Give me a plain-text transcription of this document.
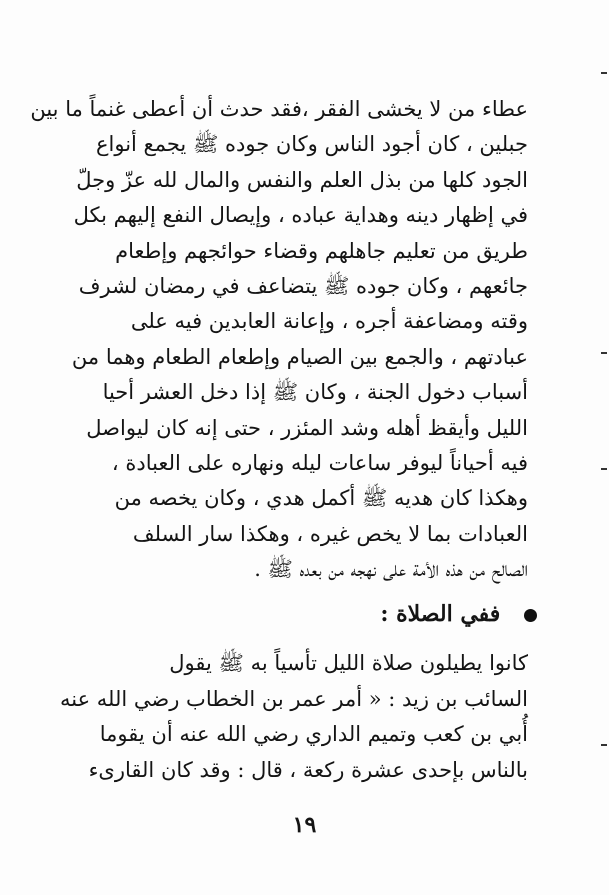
عطاء من لا يخشى الفقر ،فقد حدث أن أعطى غنماً ما بين
جبلين ، كان أجود الناس وكان جوده ﷺ يجمع أنواع
الجود كلها من بذل العلم والنفس والمال لله عزّ وجلّ
في إظهار دينه وهداية عباده ، وإيصال النفع إليهم بكل
طريق من تعليم جاهلهم وقضاء حوائجهم وإطعام
جائعهم ، وكان جوده ﷺ يتضاعف في رمضان لشرف
وقته ومضاعفة أجره ، وإعانة العابدين فيه على
عبادتهم ، والجمع بين الصيام وإطعام الطعام وهما من
أسباب دخول الجنة ، وكان ﷺ إذا دخل العشر أحيا
الليل وأيقظ أهله وشد المئزر ، حتى إنه كان ليواصل
فيه أحياناً ليوفر ساعات ليله ونهاره على العبادة ،
وهكذا كان هديه ﷺ أكمل هدي ، وكان يخصه من
العبادات بما لا يخص غيره ، وهكذا سار السلف
الصالح من هذه الأمة على نهجه من بعده ﷺ .
ففي الصلاة :
كانوا يطيلون صلاة الليل تأسياً به ﷺ يقول
السائب بن زيد : « أمر عمر بن الخطاب رضي الله عنه
أُبي بن كعب وتميم الداري رضي الله عنه أن يقوما
بالناس بإحدى عشرة ركعة ، قال : وقد كان القارىء
١٩
